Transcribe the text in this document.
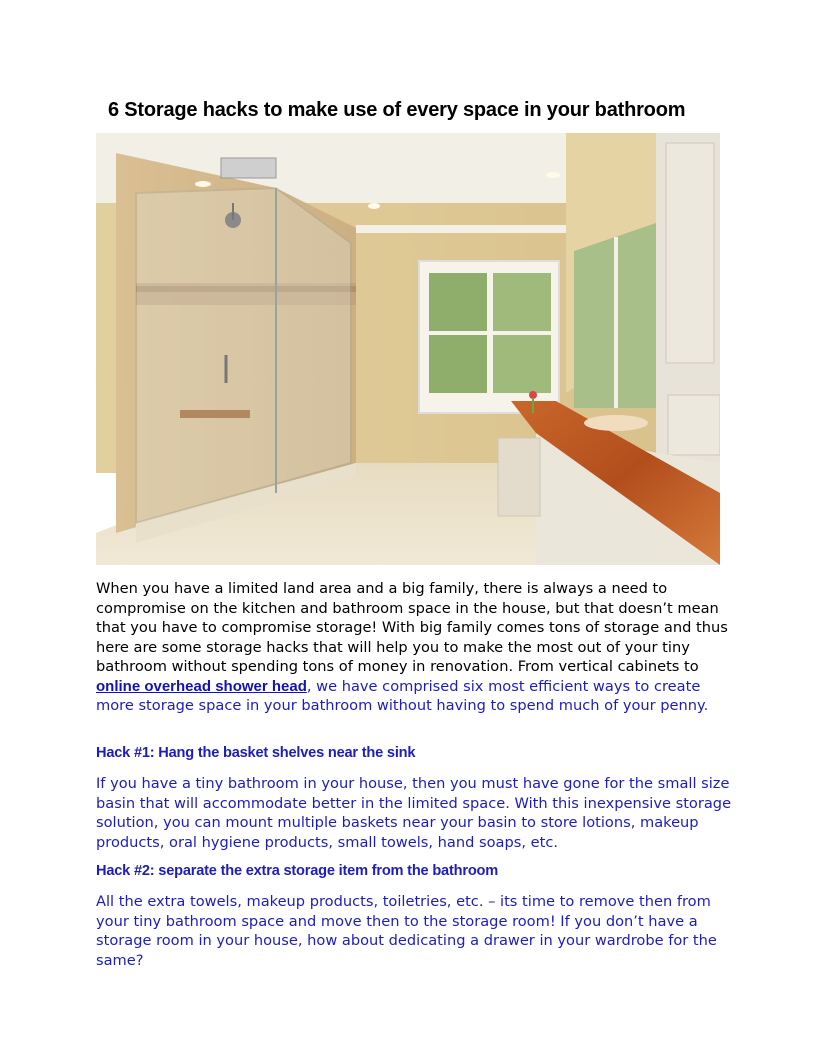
6 Storage hacks to make use of every space in your bathroom

When you have a limited land area and a big family, there is always a need to compromise on the kitchen and bathroom space in the house, but that doesn’t mean that you have to compromise storage! With big family comes tons of storage and thus here are some storage hacks that will help you to make the most out of your tiny bathroom without spending tons of money in renovation. From vertical cabinets to online overhead shower head, we have comprised six most efficient ways to create more storage space in your bathroom without having to spend much of your penny.

Hack #1: Hang the basket shelves near the sink

If you have a tiny bathroom in your house, then you must have gone for the small size basin that will accommodate better in the limited space. With this inexpensive storage solution, you can mount multiple baskets near your basin to store lotions, makeup products, oral hygiene products, small towels, hand soaps, etc.

Hack #2: separate the extra storage item from the bathroom

All the extra towels, makeup products, toiletries, etc. – its time to remove then from your tiny bathroom space and move then to the storage room! If you don’t have a storage room in your house, how about dedicating a drawer in your wardrobe for the same?
